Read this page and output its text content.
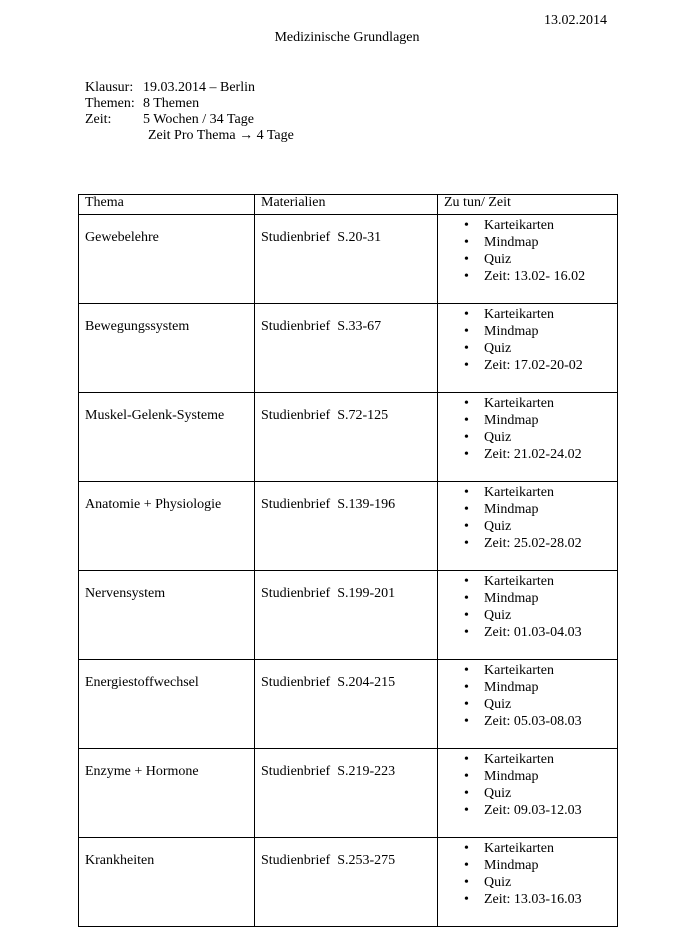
13.02.2014
Medizinische Grundlagen
Klausur: 19.03.2014 – Berlin
Themen: 8 Themen
Zeit:	5 Wochen / 34 Tage
Zeit Pro Thema → 4 Tage
Thema	Materialien	Zu tun/ Zeit
Gewebelehre	Studienbrief  S.20-31	
• Karteikarten
• Mindmap
• Quiz
• Zeit: 13.02- 16.02

Bewegungssystem	Studienbrief  S.33-67	
• Karteikarten
• Mindmap
• Quiz
• Zeit: 17.02-20-02

Muskel-Gelenk-Systeme	Studienbrief  S.72-125	
• Karteikarten
• Mindmap
• Quiz
• Zeit: 21.02-24.02

Anatomie + Physiologie	Studienbrief  S.139-196	
• Karteikarten
• Mindmap
• Quiz
• Zeit: 25.02-28.02

Nervensystem	Studienbrief  S.199-201	
• Karteikarten
• Mindmap
• Quiz
• Zeit: 01.03-04.03

Energiestoffwechsel	Studienbrief  S.204-215	
• Karteikarten
• Mindmap
• Quiz
• Zeit: 05.03-08.03

Enzyme + Hormone	Studienbrief  S.219-223	
• Karteikarten
• Mindmap
• Quiz
• Zeit: 09.03-12.03

Krankheiten	Studienbrief  S.253-275	
• Karteikarten
• Mindmap
• Quiz
• Zeit: 13.03-16.03
